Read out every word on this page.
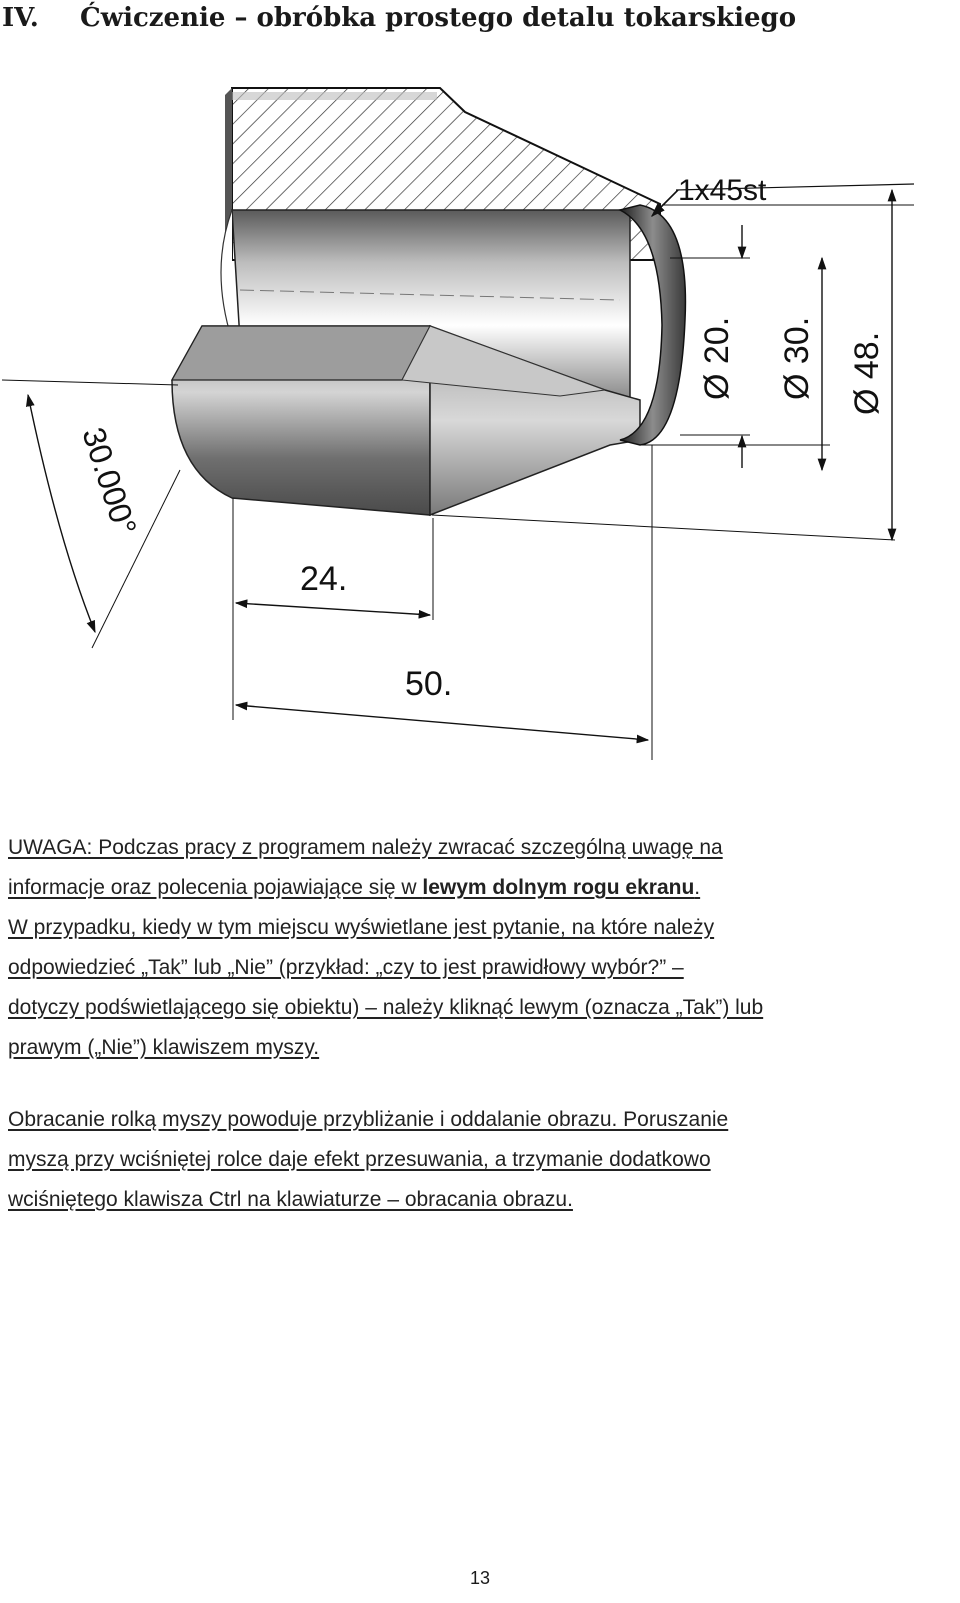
IV. Ćwiczenie – obróbka prostego detalu tokarskiego
1x45st
Ø 20. Ø 30. Ø 48.
30.000°
24.
50.
UWAGA: Podczas pracy z programem należy zwracać szczególną uwagę na
informacje oraz polecenia pojawiające się w lewym dolnym rogu ekranu.
W przypadku, kiedy w tym miejscu wyświetlane jest pytanie, na które należy
odpowiedzieć „Tak” lub „Nie” (przykład: „czy to jest prawidłowy wybór?” –
dotyczy podświetlającego się obiektu) – należy kliknąć lewym (oznacza „Tak”) lub
prawym („Nie”) klawiszem myszy.
Obracanie rolką myszy powoduje przybliżanie i oddalanie obrazu. Poruszanie
myszą przy wciśniętej rolce daje efekt przesuwania, a trzymanie dodatkowo
wciśniętego klawisza Ctrl na klawiaturze – obracania obrazu.
13
